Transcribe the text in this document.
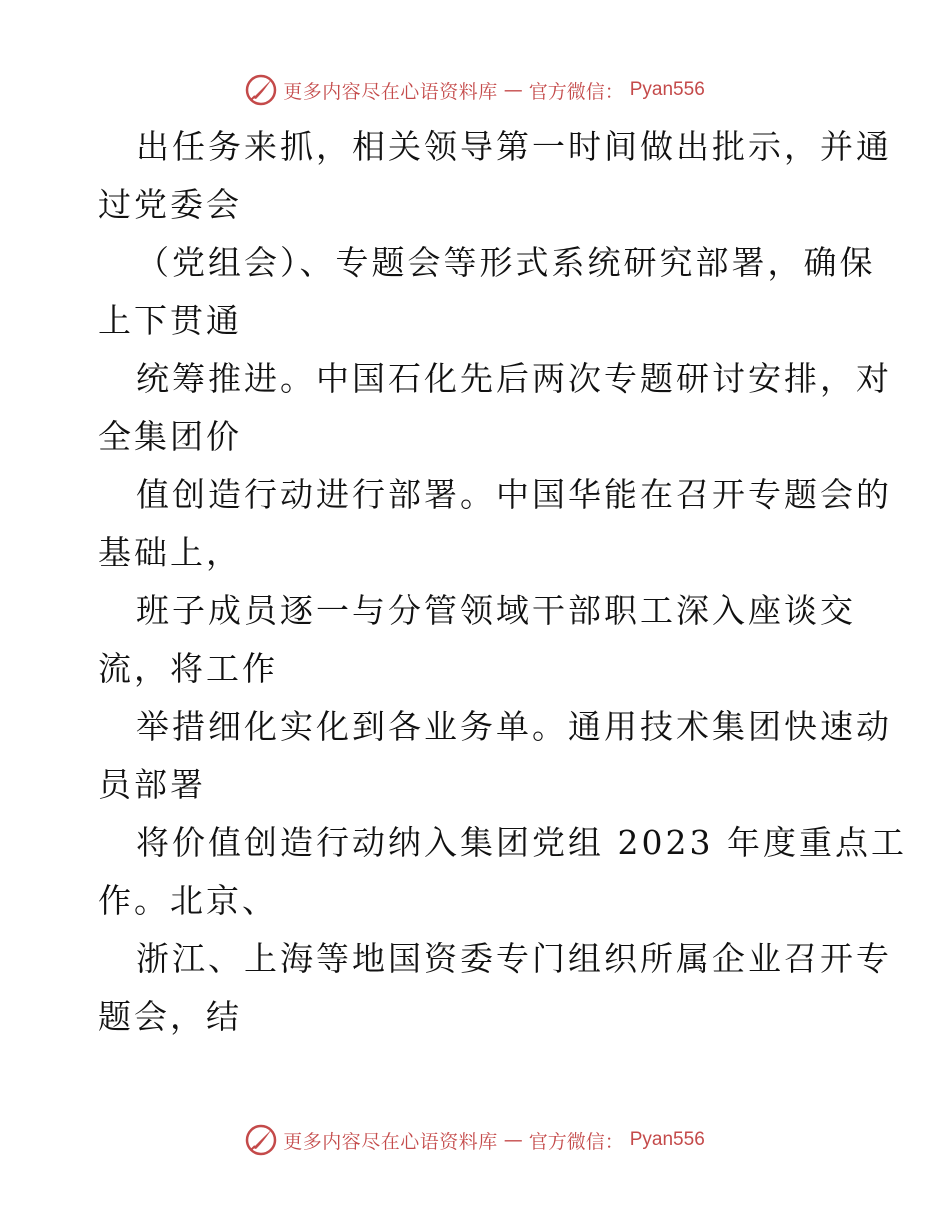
更多内容尽在心语资料库 — 官方微信： Pyan556
出任务来抓，相关领导第一时间做出批示，并通
过党委会
（党组会）、专题会等形式系统研究部署，确保
上下贯通
统筹推进。中国石化先后两次专题研讨安排，对
全集团价
值创造行动进行部署。中国华能在召开专题会的
基础上，
班子成员逐一与分管领域干部职工深入座谈交
流，将工作
举措细化实化到各业务单。通用技术集团快速动
员部署
将价值创造行动纳入集团党组 2023 年度重点工
作。北京、
浙江、上海等地国资委专门组织所属企业召开专
题会，结
更多内容尽在心语资料库 — 官方微信： Pyan556
